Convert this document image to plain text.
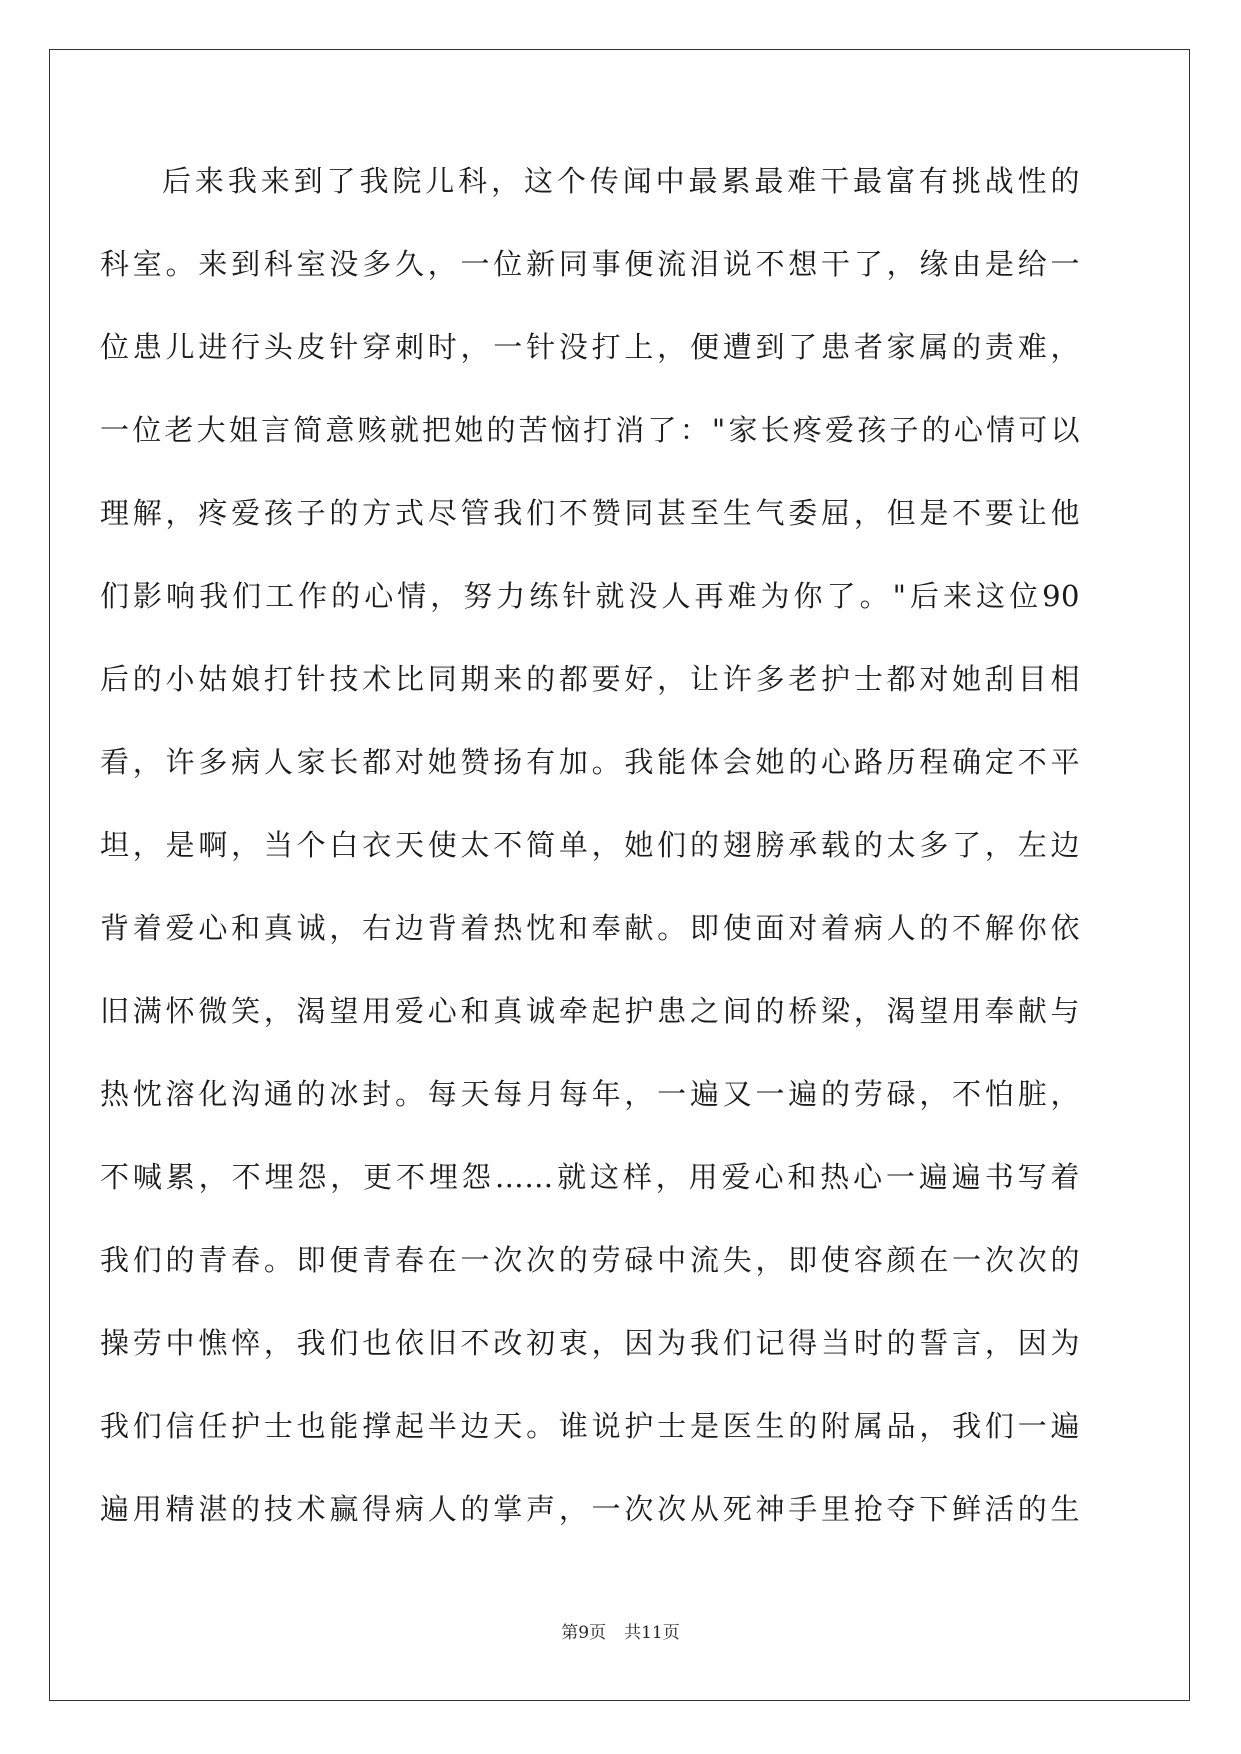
后来我来到了我院儿科，这个传闻中最累最难干最富有挑战性的
科室。来到科室没多久，一位新同事便流泪说不想干了，缘由是给一
位患儿进行头皮针穿刺时，一针没打上，便遭到了患者家属的责难，
一位老大姐言简意赅就把她的苦恼打消了："家长疼爱孩子的心情可以
理解，疼爱孩子的方式尽管我们不赞同甚至生气委屈，但是不要让他
们影响我们工作的心情，努力练针就没人再难为你了。"后来这位90
后的小姑娘打针技术比同期来的都要好，让许多老护士都对她刮目相
看，许多病人家长都对她赞扬有加。我能体会她的心路历程确定不平
坦，是啊，当个白衣天使太不简单，她们的翅膀承载的太多了，左边
背着爱心和真诚，右边背着热忱和奉献。即使面对着病人的不解你依
旧满怀微笑，渴望用爱心和真诚牵起护患之间的桥梁，渴望用奉献与
热忱溶化沟通的冰封。每天每月每年，一遍又一遍的劳碌，不怕脏，
不喊累，不埋怨，更不埋怨……就这样，用爱心和热心一遍遍书写着
我们的青春。即便青春在一次次的劳碌中流失，即使容颜在一次次的
操劳中憔悴，我们也依旧不改初衷，因为我们记得当时的誓言，因为
我们信任护士也能撑起半边天。谁说护士是医生的附属品，我们一遍
遍用精湛的技术赢得病人的掌声，一次次从死神手里抢夺下鲜活的生
第9页 共11页
